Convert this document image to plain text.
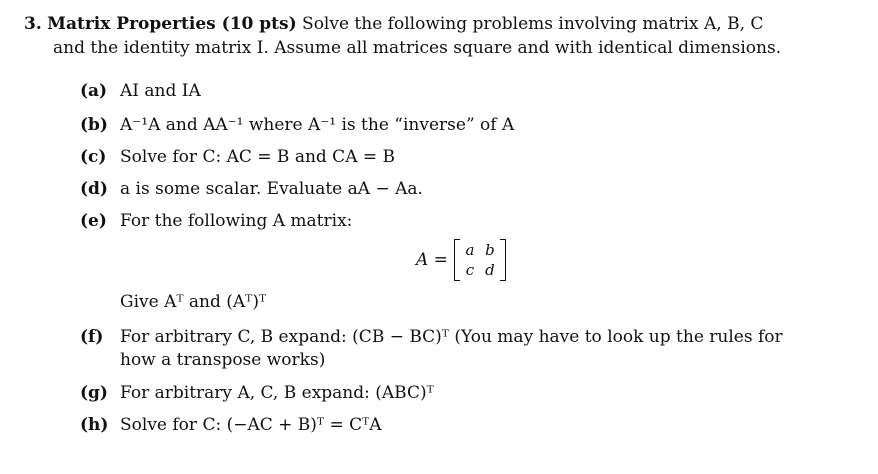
3. Matrix Properties (10 pts) Solve the following problems involving matrix A, B, C
and the identity matrix I. Assume all matrices square and with identical dimensions.
(a) AI and IA
(b) A⁻¹A and AA⁻¹ where A⁻¹ is the “inverse” of A
(c) Solve for C: AC = B and CA = B
(d) a is some scalar. Evaluate aA − Aa.
(e) For the following A matrix:
A =	a b
c d
Give Aᵀ and (Aᵀ)ᵀ
(f) For arbitrary C, B expand: (CB − BC)ᵀ (You may have to look up the rules for
how a transpose works)
(g) For arbitrary A, C, B expand: (ABC)ᵀ
(h) Solve for C: (−AC + B)ᵀ = CᵀA
